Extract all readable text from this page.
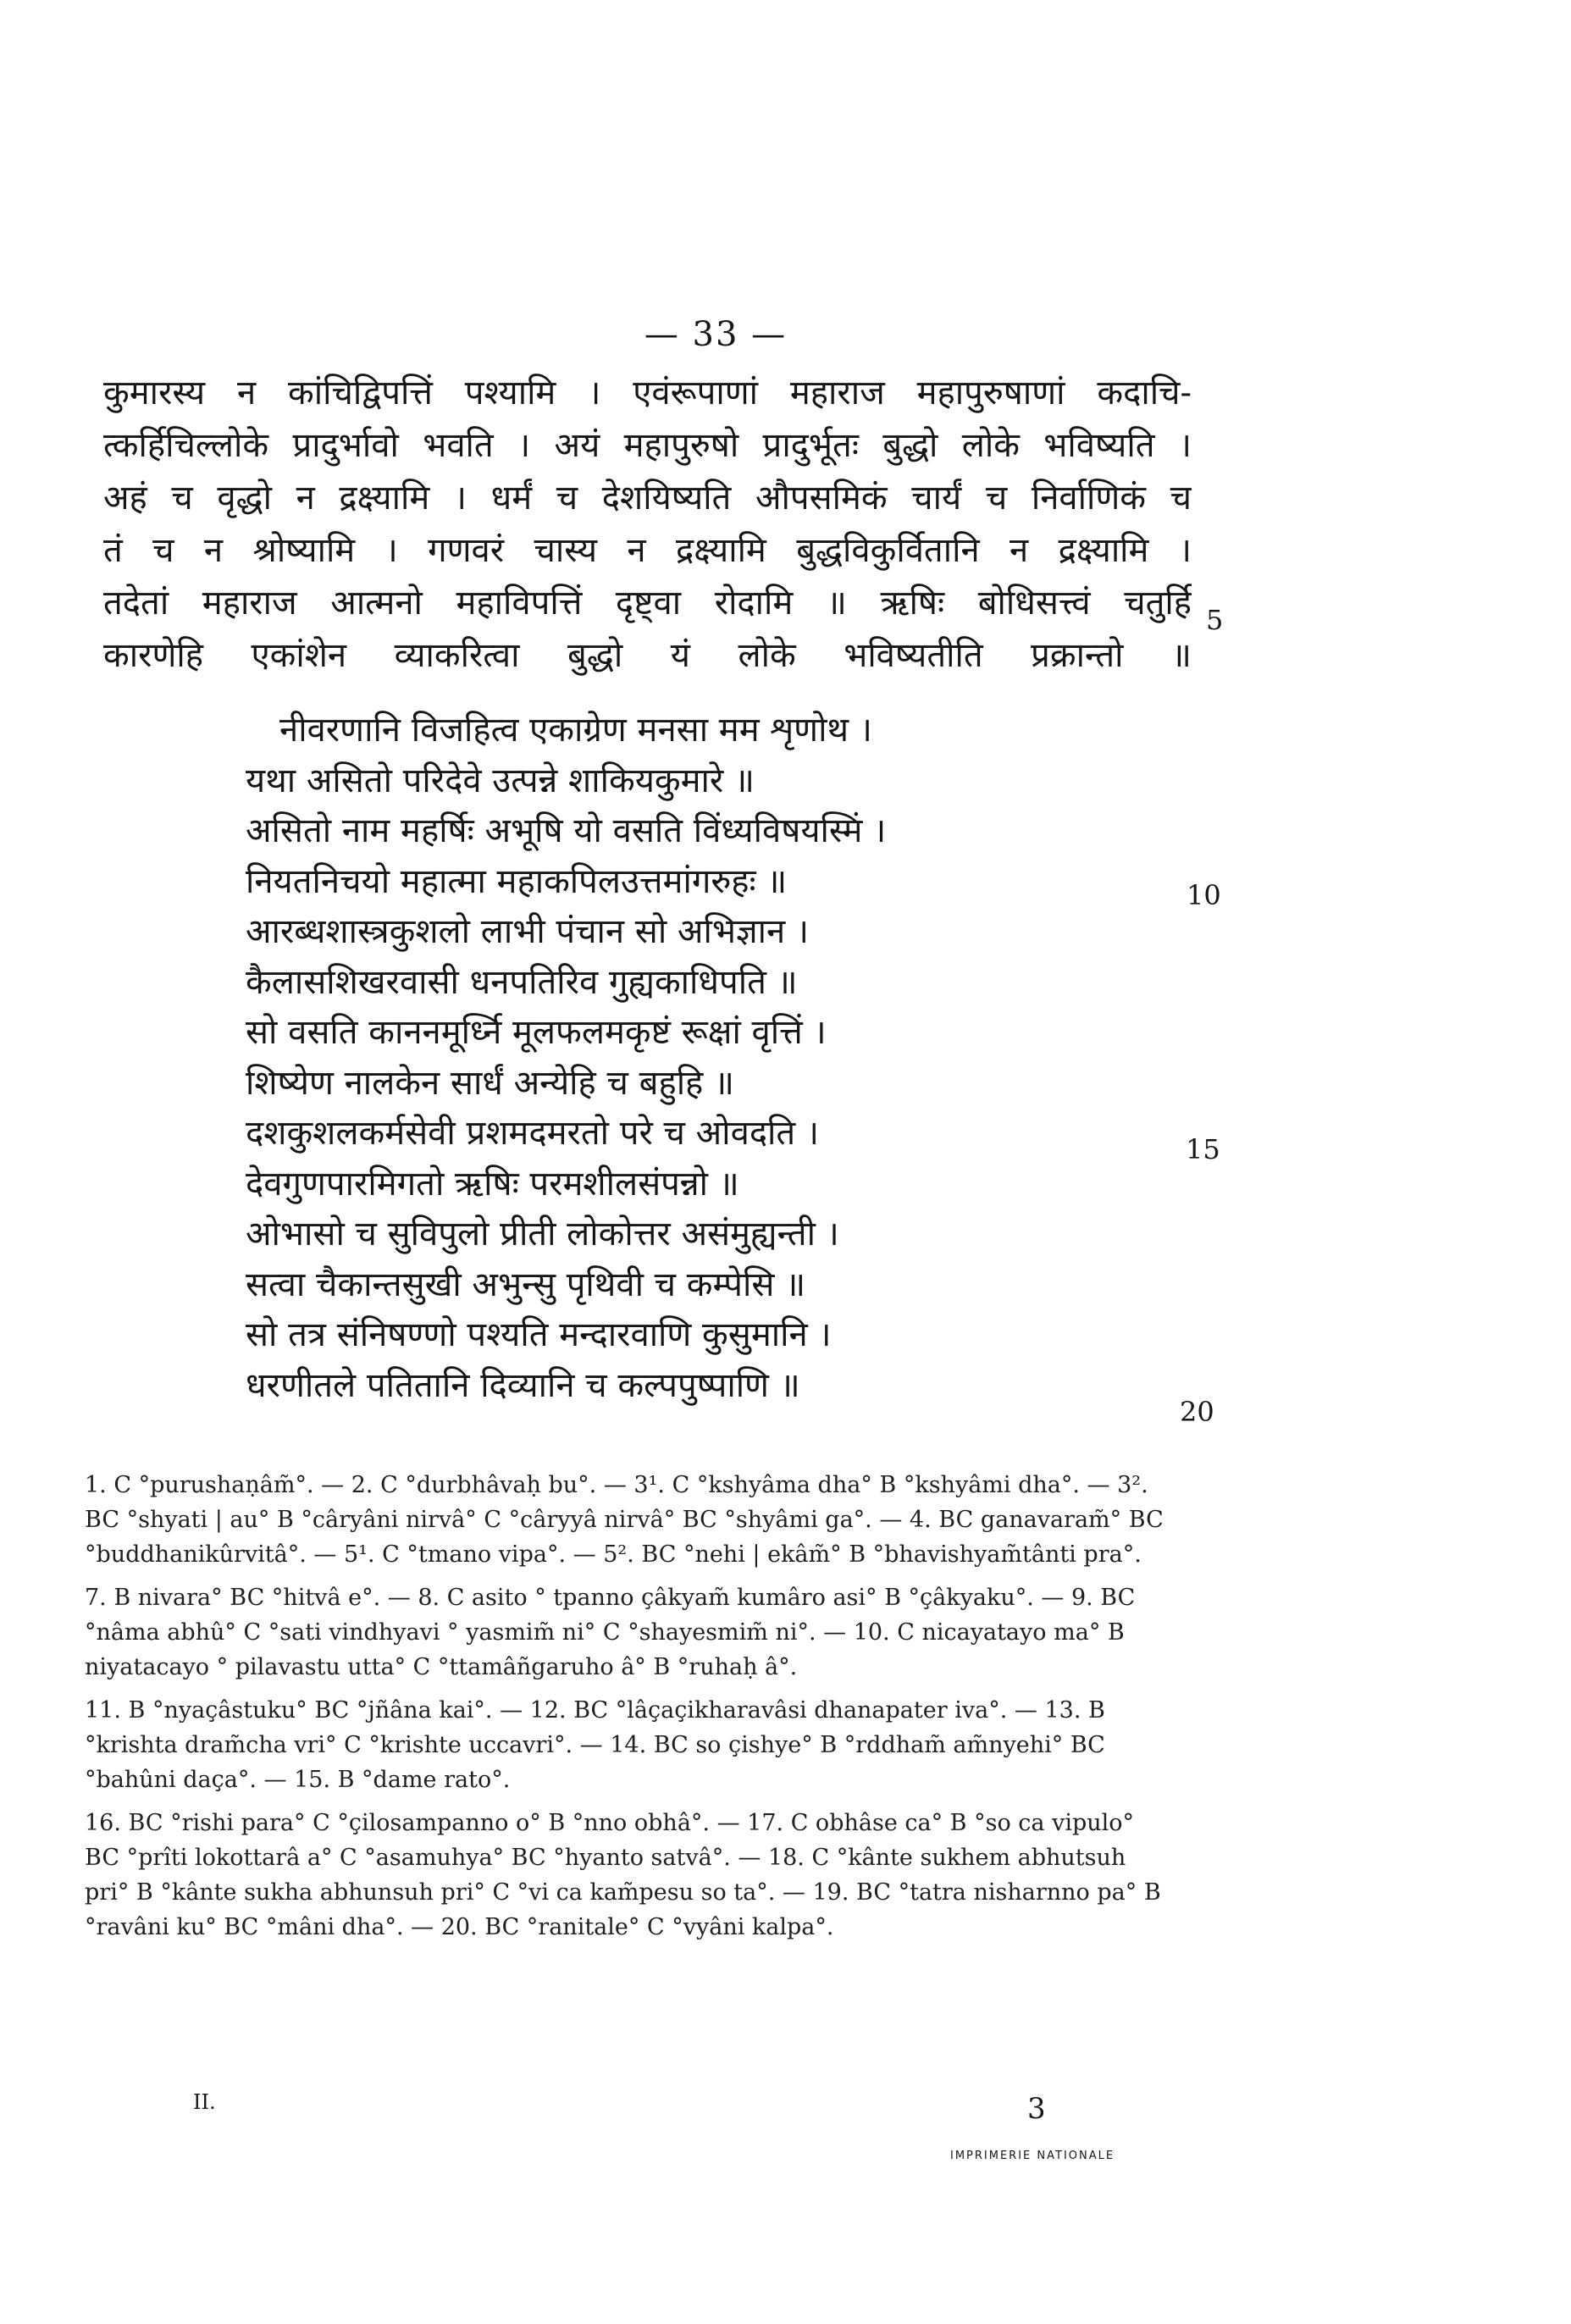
— 33 —
कुमारस्य न कांचिद्विपत्तिं पश्यामि । एवंरूपाणां महाराज महापुरुषाणां कदाचि-
त्कर्हिचिल्लोके प्रादुर्भावो भवति । अयं महापुरुषो प्रादुर्भूतः बुद्धो लोके भविष्यति ।
अहं च वृद्धो न द्रक्ष्यामि । धर्मं च देशयिष्यति औपसमिकं चार्यं च निर्वाणिकं च
तं च न श्रोष्यामि । गणवरं चास्य न द्रक्ष्यामि बुद्धविकुर्वितानि न द्रक्ष्यामि ।
तदेतां महाराज आत्मनो महाविपत्तिं दृष्ट्वा रोदामि ॥ ऋषिः बोधिसत्त्वं चतुर्हि
कारणेहि एकांशेन व्याकरित्वा बुद्धो यं लोके भविष्यतीति प्रक्रान्तो ॥
नीवरणानि विजहित्व एकाग्रेण मनसा मम शृणोथ ।
यथा असितो परिदेवे उत्पन्ने शाकियकुमारे ॥
असितो नाम महर्षिः अभूषि यो वसति विंध्यविषयस्मिं ।
नियतनिचयो महात्मा महाकपिलउत्तमांगरुहः ॥
आरब्धशास्त्रकुशलो लाभी पंचान सो अभिज्ञान ।
कैलासशिखरवासी धनपतिरिव गुह्यकाधिपति ॥
सो वसति काननमूर्ध्नि मूलफलमकृष्टं रूक्षां वृत्तिं ।
शिष्येण नालकेन सार्धं अन्येहि च बहुहि ॥
दशकुशलकर्मसेवी प्रशमदमरतो परे च ओवदति ।
देवगुणपारमिगतो ऋषिः परमशीलसंपन्नो ॥
ओभासो च सुविपुलो प्रीती लोकोत्तर असंमुह्यन्ती ।
सत्वा चैकान्तसुखी अभुन्सु पृथिवी च कम्पेसि ॥
सो तत्र संनिषण्णो पश्यति मन्दारवाणि कुसुमानि ।
धरणीतले पतितानि दिव्यानि च कल्पपुष्पाणि ॥
5
10
15
20

1. C °purushaṇâm̃°. — 2. C °durbhâvaḥ bu°. — 3¹. C °kshyâma dha° B °kshyâmi dha°. — 3². BC °shyati | au° B °câryâni nirvâ° C °câryyâ nirvâ° BC °shyâmi ga°. — 4. BC ganavaram̃° BC °buddhanikûrvitâ°. — 5¹. C °tmano vipa°. — 5². BC °nehi | ekâm̃° B °bhavishyam̃tânti pra°.

7. B nivara° BC °hitvâ e°. — 8. C asito ° tpanno çâkyam̃ kumâro asi° B °çâkyaku°. — 9. BC °nâma abhû° C °sati vindhyavi ° yasmim̃ ni° C °shayesmim̃ ni°. — 10. C nicayatayo ma° B niyatacayo ° pilavastu utta° C °ttamâñgaruho â° B °ruhaḥ â°.

11. B °nyaçâstuku° BC °jñâna kai°. — 12. BC °lâçaçikharavâsi dhanapater iva°. — 13. B °krishta dram̃cha vri° C °krishte uccavri°. — 14. BC so çishye° B °rddham̃ am̃nyehi° BC °bahûni daça°. — 15. B °dame rato°.

16. BC °rishi para° C °çilosampanno o° B °nno obhâ°. — 17. C obhâse ca° B °so ca vipulo° BC °prîti lokottarâ a° C °asamuhya° BC °hyanto satvâ°. — 18. C °kânte sukhem abhutsuh pri° B °kânte sukha abhunsuh pri° C °vi ca kam̃pesu so ta°. — 19. BC °tatra nisharnno pa° B °ravâni ku° BC °mâni dha°. — 20. BC °ranitale° C °vyâni kalpa°.

II.	3
IMPRIMERIE NATIONALE
